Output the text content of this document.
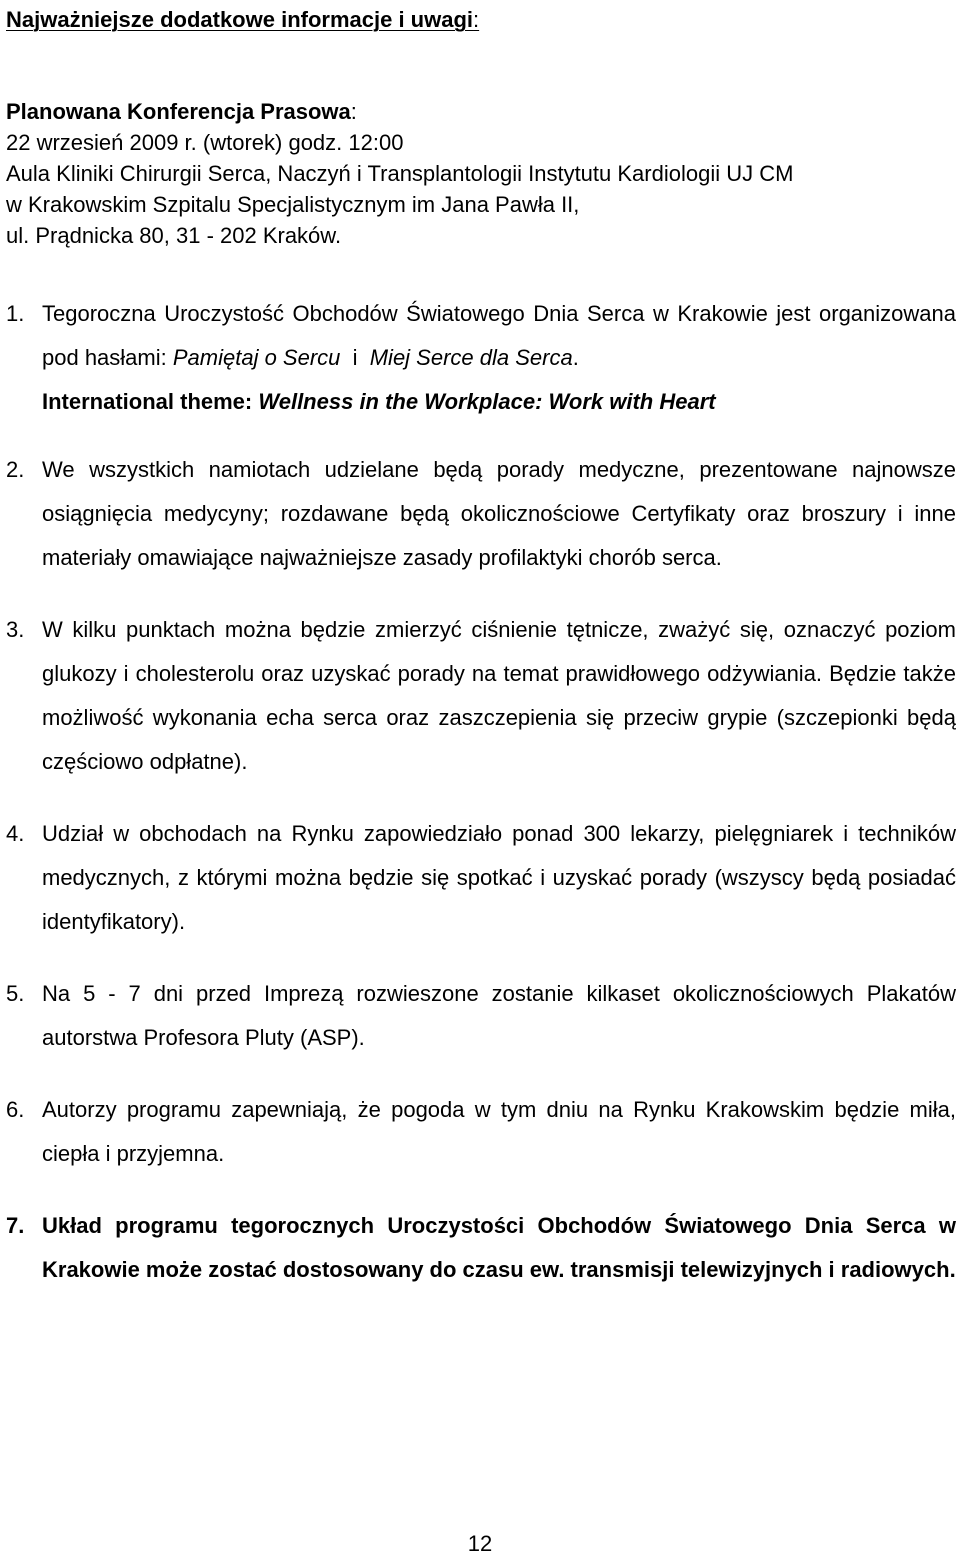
Najważniejsze dodatkowe informacje i uwagi:
Planowana Konferencja Prasowa:
22 wrzesień 2009 r. (wtorek) godz. 12:00
Aula Kliniki Chirurgii Serca, Naczyń i Transplantologii Instytutu Kardiologii UJ CM
w Krakowskim Szpitalu Specjalistycznym im Jana Pawła II,
ul. Prądnicka 80, 31 - 202 Kraków.
1. Tegoroczna Uroczystość Obchodów Światowego Dnia Serca w Krakowie jest organizowana pod hasłami: Pamiętaj o Sercu  i  Miej Serce dla Serca.

International theme: Wellness in the Workplace: Work with Heart

2. We wszystkich namiotach udzielane będą porady medyczne, prezentowane najnowsze osiągnięcia medycyny; rozdawane będą okolicznościowe Certyfikaty oraz broszury i inne materiały omawiające najważniejsze zasady profilaktyki chorób serca.

3. W kilku punktach można będzie zmierzyć ciśnienie tętnicze, zważyć się, oznaczyć poziom glukozy i cholesterolu oraz uzyskać porady na temat prawidłowego odżywiania. Będzie także możliwość wykonania echa serca oraz zaszczepienia się przeciw grypie (szczepionki będą częściowo odpłatne).

4. Udział w obchodach na Rynku zapowiedziało ponad 300 lekarzy, pielęgniarek i techników medycznych, z którymi można będzie się spotkać i uzyskać porady (wszyscy będą posiadać identyfikatory).

5. Na 5 - 7 dni przed Imprezą rozwieszone zostanie kilkaset okolicznościowych Plakatów autorstwa Profesora Pluty (ASP).

6. Autorzy programu zapewniają, że pogoda w tym dniu na Rynku Krakowskim będzie miła, ciepła i przyjemna.

7. Układ programu tegorocznych Uroczystości Obchodów Światowego Dnia Serca w Krakowie może zostać dostosowany do czasu ew. transmisji telewizyjnych i radiowych.

12
